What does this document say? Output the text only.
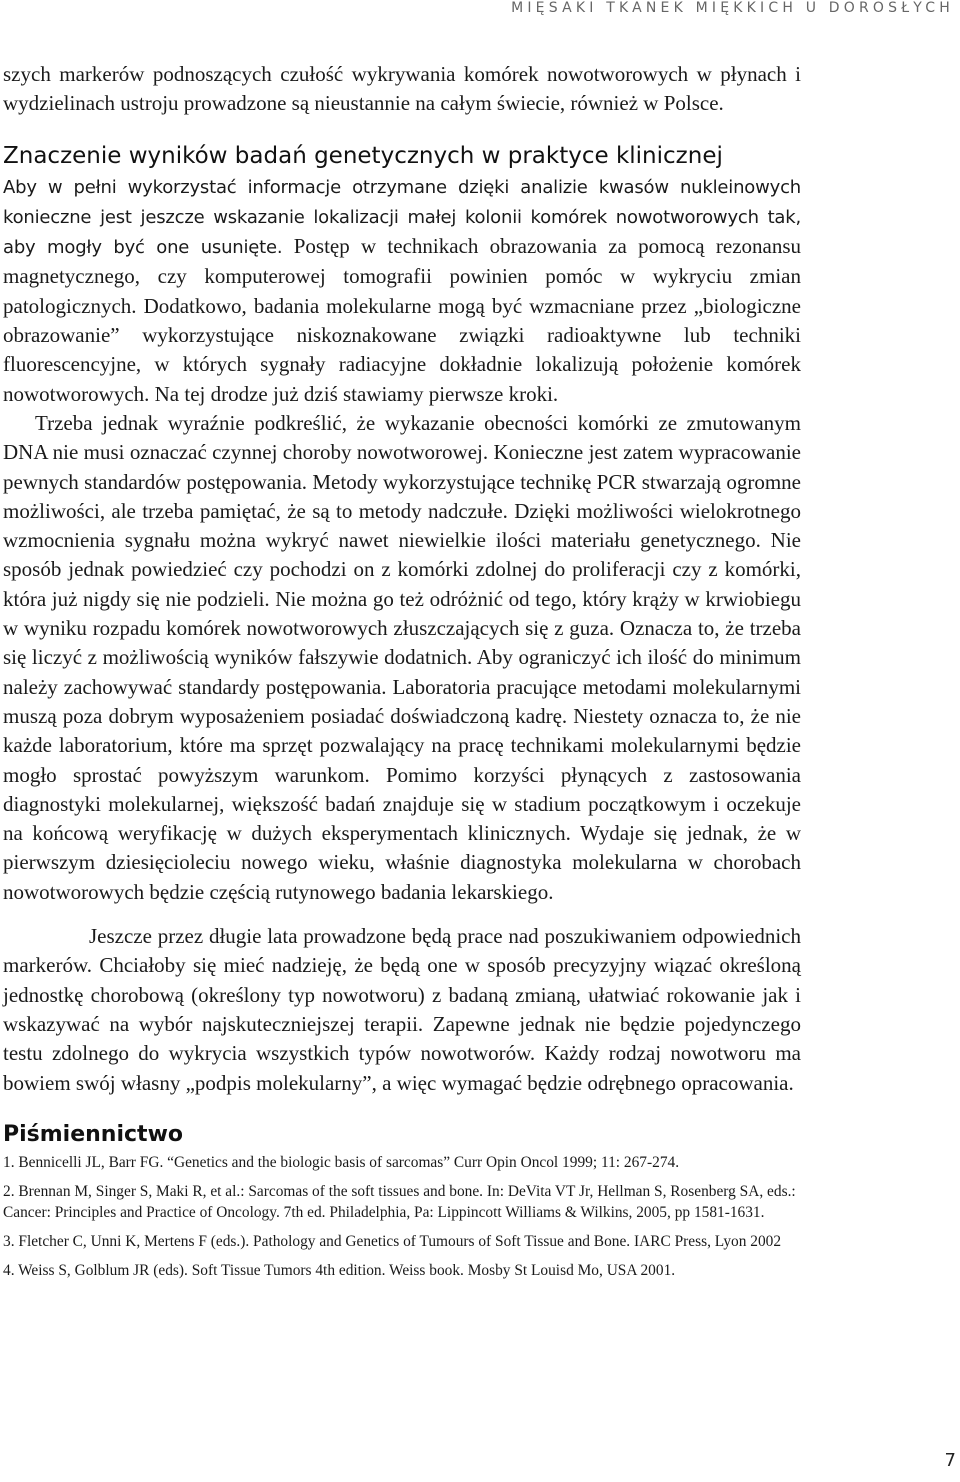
MIĘSAKI TKANEK MIĘKKICH U DOROSŁYCH

szych markerów podnoszących czułość wykrywania komórek nowotworowych w płynach i wydzielinach ustroju prowadzone są nieustannie na całym świecie, również w Polsce.

Znaczenie wyników badań genetycznych w praktyce klinicznej

Aby w pełni wykorzystać informacje otrzymane dzięki analizie kwasów nukleinowych konieczne jest jeszcze wskazanie lokalizacji małej kolonii komórek nowotworowych tak, aby mogły być one usunięte. Postęp w technikach obrazowania za pomocą rezonansu magnetycznego, czy komputerowej tomografii powinien pomóc w wykryciu zmian patologicznych. Dodatkowo, badania molekularne mogą być wzmacniane przez „biologiczne obrazowanie” wykorzystujące niskoznakowane związki radioaktywne lub techniki fluorescencyjne, w których sygnały radiacyjne dokładnie lokalizują położenie komórek nowotworowych. Na tej drodze już dziś stawiamy pierwsze kroki.

Trzeba jednak wyraźnie podkreślić, że wykazanie obecności komórki ze zmutowanym DNA nie musi oznaczać czynnej choroby nowotworowej. Konieczne jest zatem wypracowanie pewnych standardów postępowania. Metody wykorzystujące technikę PCR stwarzają ogromne możliwości, ale trzeba pamiętać, że są to metody nadczułe. Dzięki możliwości wielokrotnego wzmocnienia sygnału można wykryć nawet niewielkie ilości materiału genetycznego. Nie sposób jednak powiedzieć czy pochodzi on z komórki zdolnej do proliferacji czy z komórki, która już nigdy się nie podzieli. Nie można go też odróżnić od tego, który krąży w krwiobiegu w wyniku rozpadu komórek nowotworowych złuszczających się z guza. Oznacza to, że trzeba się liczyć z możliwością wyników fałszywie dodatnich. Aby ograniczyć ich ilość do minimum należy zachowywać standardy postępowania. Laboratoria pracujące metodami molekularnymi muszą poza dobrym wyposażeniem posiadać doświadczoną kadrę. Niestety oznacza to, że nie każde laboratorium, które ma sprzęt pozwalający na pracę technikami molekularnymi będzie mogło sprostać powyższym warunkom. Pomimo korzyści płynących z zastosowania diagnostyki molekularnej, większość badań znajduje się w stadium początkowym i oczekuje na końcową weryfikację w dużych eksperymentach klinicznych. Wydaje się jednak, że w pierwszym dziesięcioleciu nowego wieku, właśnie diagnostyka molekularna w chorobach nowotworowych będzie częścią rutynowego badania lekarskiego.

Jeszcze przez długie lata prowadzone będą prace nad poszukiwaniem odpowiednich markerów. Chciałoby się mieć nadzieję, że będą one w sposób precyzyjny wiązać określoną jednostkę chorobową (określony typ nowotworu) z badaną zmianą, ułatwiać rokowanie jak i wskazywać na wybór najskuteczniejszej terapii. Zapewne jednak nie będzie pojedynczego testu zdolnego do wykrycia wszystkich typów nowotworów. Każdy rodzaj nowotworu ma bowiem swój własny „podpis molekularny”, a więc wymagać będzie odrębnego opracowania.

Piśmiennictwo
1. Bennicelli JL, Barr FG. “Genetics and the biologic basis of sarcomas” Curr Opin Oncol 1999; 11: 267-274.
2. Brennan M, Singer S, Maki R, et al.: Sarcomas of the soft tissues and bone. In: DeVita VT Jr, Hellman S, Rosenberg SA, eds.: Cancer: Principles and Practice of Oncology. 7th ed. Philadelphia, Pa: Lippincott Williams & Wilkins, 2005, pp 1581-1631.
3. Fletcher C, Unni K, Mertens F (eds.). Pathology and Genetics of Tumours of Soft Tissue and Bone. IARC Press, Lyon 2002
4. Weiss S, Golblum JR (eds). Soft Tissue Tumors 4th edition. Weiss book. Mosby St Louisd Mo, USA 2001.
7
